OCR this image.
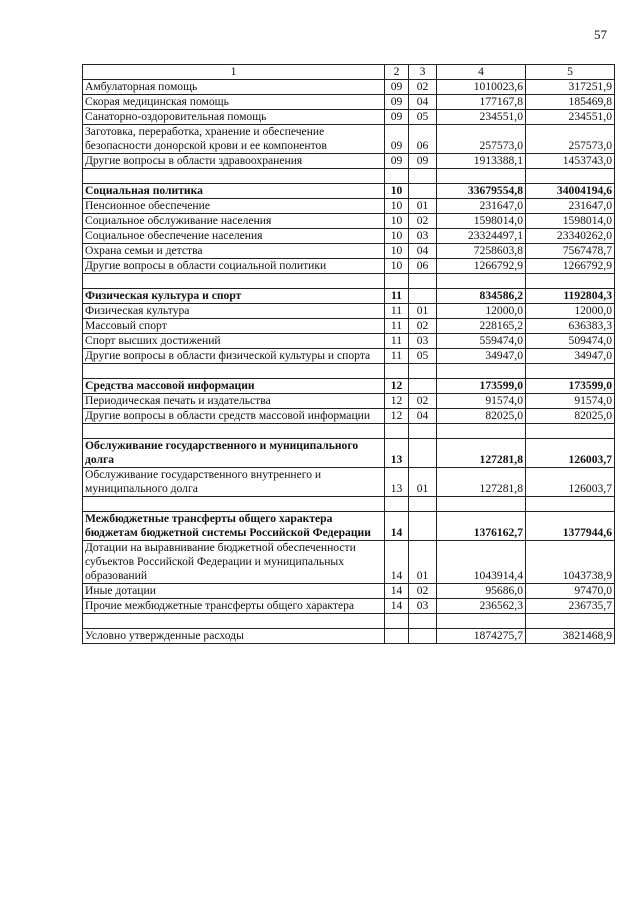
57
1	2	3	4	5
Амбулаторная помощь	09	02	1010023,6	317251,9
Скорая медицинская помощь	09	04	177167,8	185469,8
Санаторно-оздоровительная помощь	09	05	234551,0	234551,0
Заготовка, переработка, хранение и обеспечение безопасности донорской крови и ее компонентов	09	06	257573,0	257573,0
Другие вопросы в области здравоохранения	09	09	1913388,1	1453743,0

Социальная политика	10		33679554,8	34004194,6
Пенсионное обеспечение	10	01	231647,0	231647,0
Социальное обслуживание населения	10	02	1598014,0	1598014,0
Социальное обеспечение населения	10	03	23324497,1	23340262,0
Охрана семьи и детства	10	04	7258603,8	7567478,7
Другие вопросы в области социальной политики	10	06	1266792,9	1266792,9

Физическая культура и спорт	11		834586,2	1192804,3
Физическая культура	11	01	12000,0	12000,0
Массовый спорт	11	02	228165,2	636383,3
Спорт высших достижений	11	03	559474,0	509474,0
Другие вопросы в области физической культуры и спорта	11	05	34947,0	34947,0

Средства массовой информации	12		173599,0	173599,0
Периодическая печать и издательства	12	02	91574,0	91574,0
Другие вопросы в области средств массовой информации	12	04	82025,0	82025,0

Обслуживание государственного и муниципального долга	13		127281,8	126003,7
Обслуживание государственного внутреннего и муниципального долга	13	01	127281,8	126003,7

Межбюджетные трансферты общего характера бюджетам бюджетной системы Российской Федерации	14		1376162,7	1377944,6
Дотации на выравнивание бюджетной обеспеченности субъектов Российской Федерации и муниципальных образований	14	01	1043914,4	1043738,9
Иные дотации	14	02	95686,0	97470,0
Прочие межбюджетные трансферты общего характера	14	03	236562,3	236735,7

Условно утвержденные расходы			1874275,7	3821468,9
